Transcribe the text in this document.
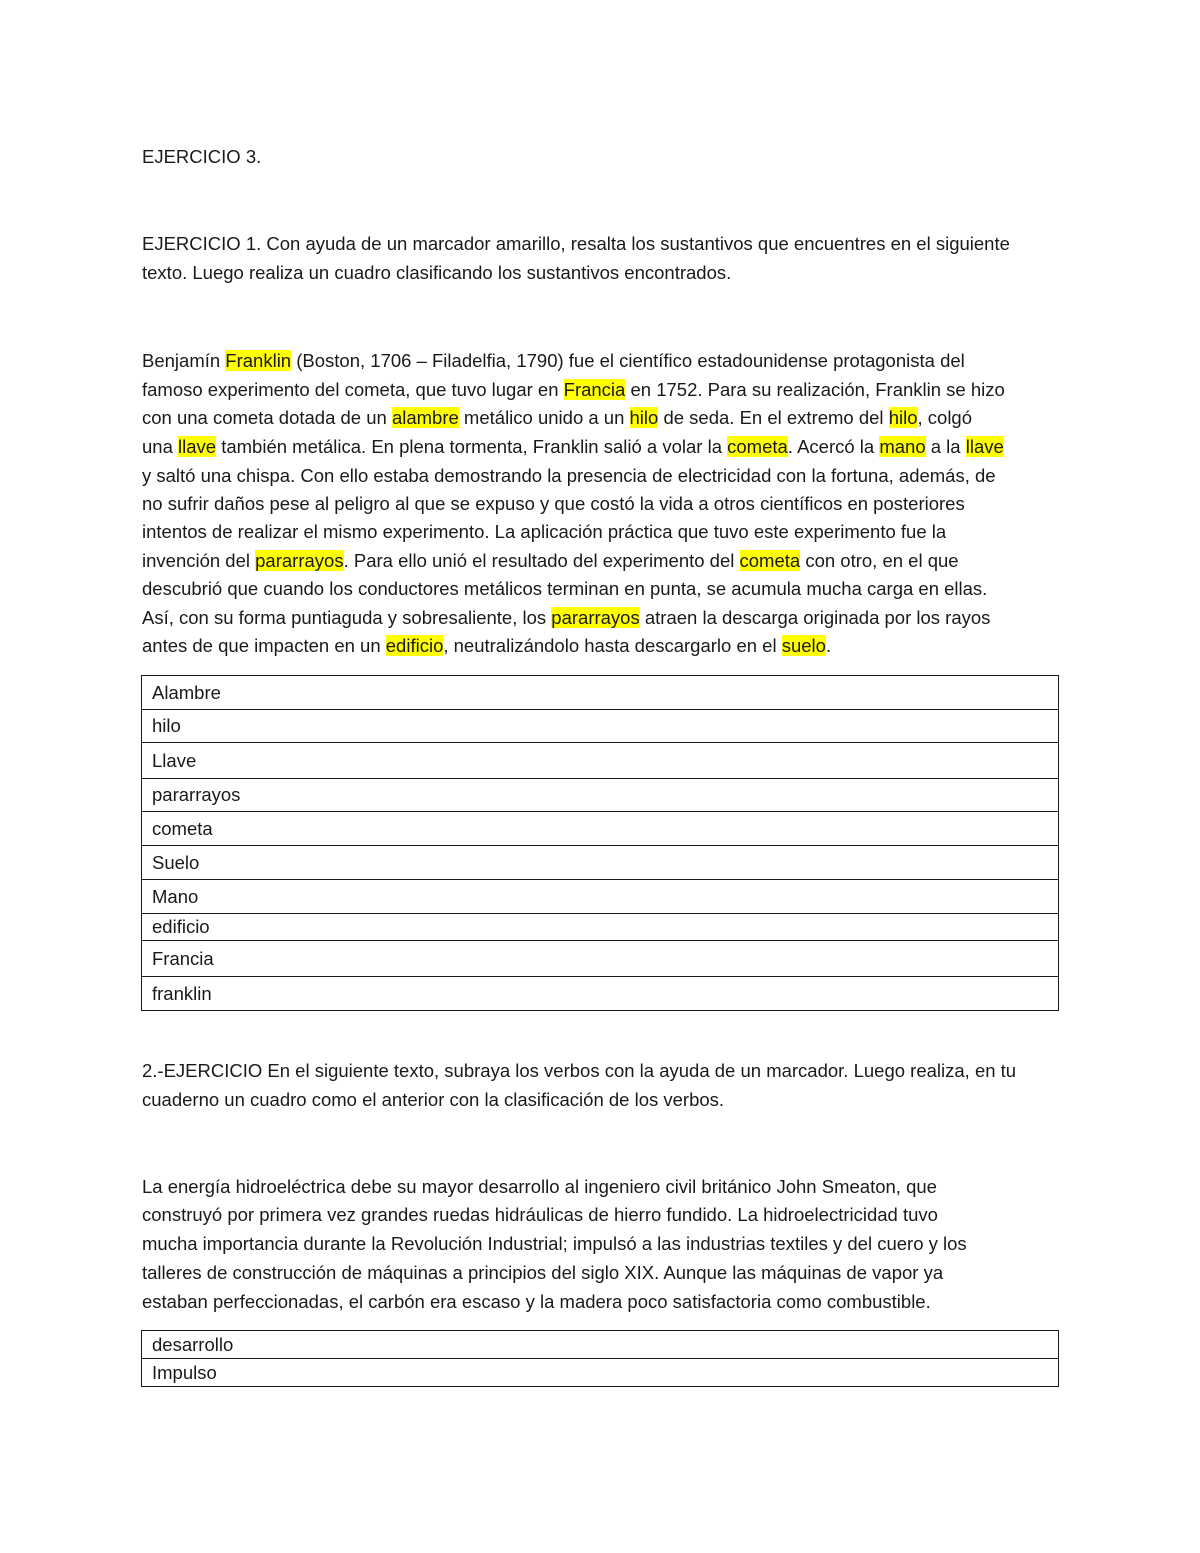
EJERCICIO 3.
EJERCICIO 1. Con ayuda de un marcador amarillo, resalta los sustantivos que encuentres en el siguiente
texto. Luego realiza un cuadro clasificando los sustantivos encontrados.
Benjamín Franklin (Boston, 1706 – Filadelfia, 1790) fue el científico estadounidense protagonista del
famoso experimento del cometa, que tuvo lugar en Francia en 1752. Para su realización, Franklin se hizo
con una cometa dotada de un alambre metálico unido a un hilo de seda. En el extremo del hilo, colgó
una llave también metálica. En plena tormenta, Franklin salió a volar la cometa. Acercó la mano a la llave
y saltó una chispa. Con ello estaba demostrando la presencia de electricidad con la fortuna, además, de
no sufrir daños pese al peligro al que se expuso y que costó la vida a otros científicos en posteriores
intentos de realizar el mismo experimento. La aplicación práctica que tuvo este experimento fue la
invención del pararrayos. Para ello unió el resultado del experimento del cometa con otro, en el que
descubrió que cuando los conductores metálicos terminan en punta, se acumula mucha carga en ellas.
Así, con su forma puntiaguda y sobresaliente, los pararrayos atraen la descarga originada por los rayos
antes de que impacten en un edificio, neutralizándolo hasta descargarlo en el suelo.
Alambre
hilo
Llave
pararrayos
cometa
Suelo
Mano
edificio
Francia
franklin
2.-EJERCICIO En el siguiente texto, subraya los verbos con la ayuda de un marcador. Luego realiza, en tu
cuaderno un cuadro como el anterior con la clasificación de los verbos.
La energía hidroeléctrica debe su mayor desarrollo al ingeniero civil británico John Smeaton, que
construyó por primera vez grandes ruedas hidráulicas de hierro fundido. La hidroelectricidad tuvo
mucha importancia durante la Revolución Industrial; impulsó a las industrias textiles y del cuero y los
talleres de construcción de máquinas a principios del siglo XIX. Aunque las máquinas de vapor ya
estaban perfeccionadas, el carbón era escaso y la madera poco satisfactoria como combustible.
desarrollo
Impulso
